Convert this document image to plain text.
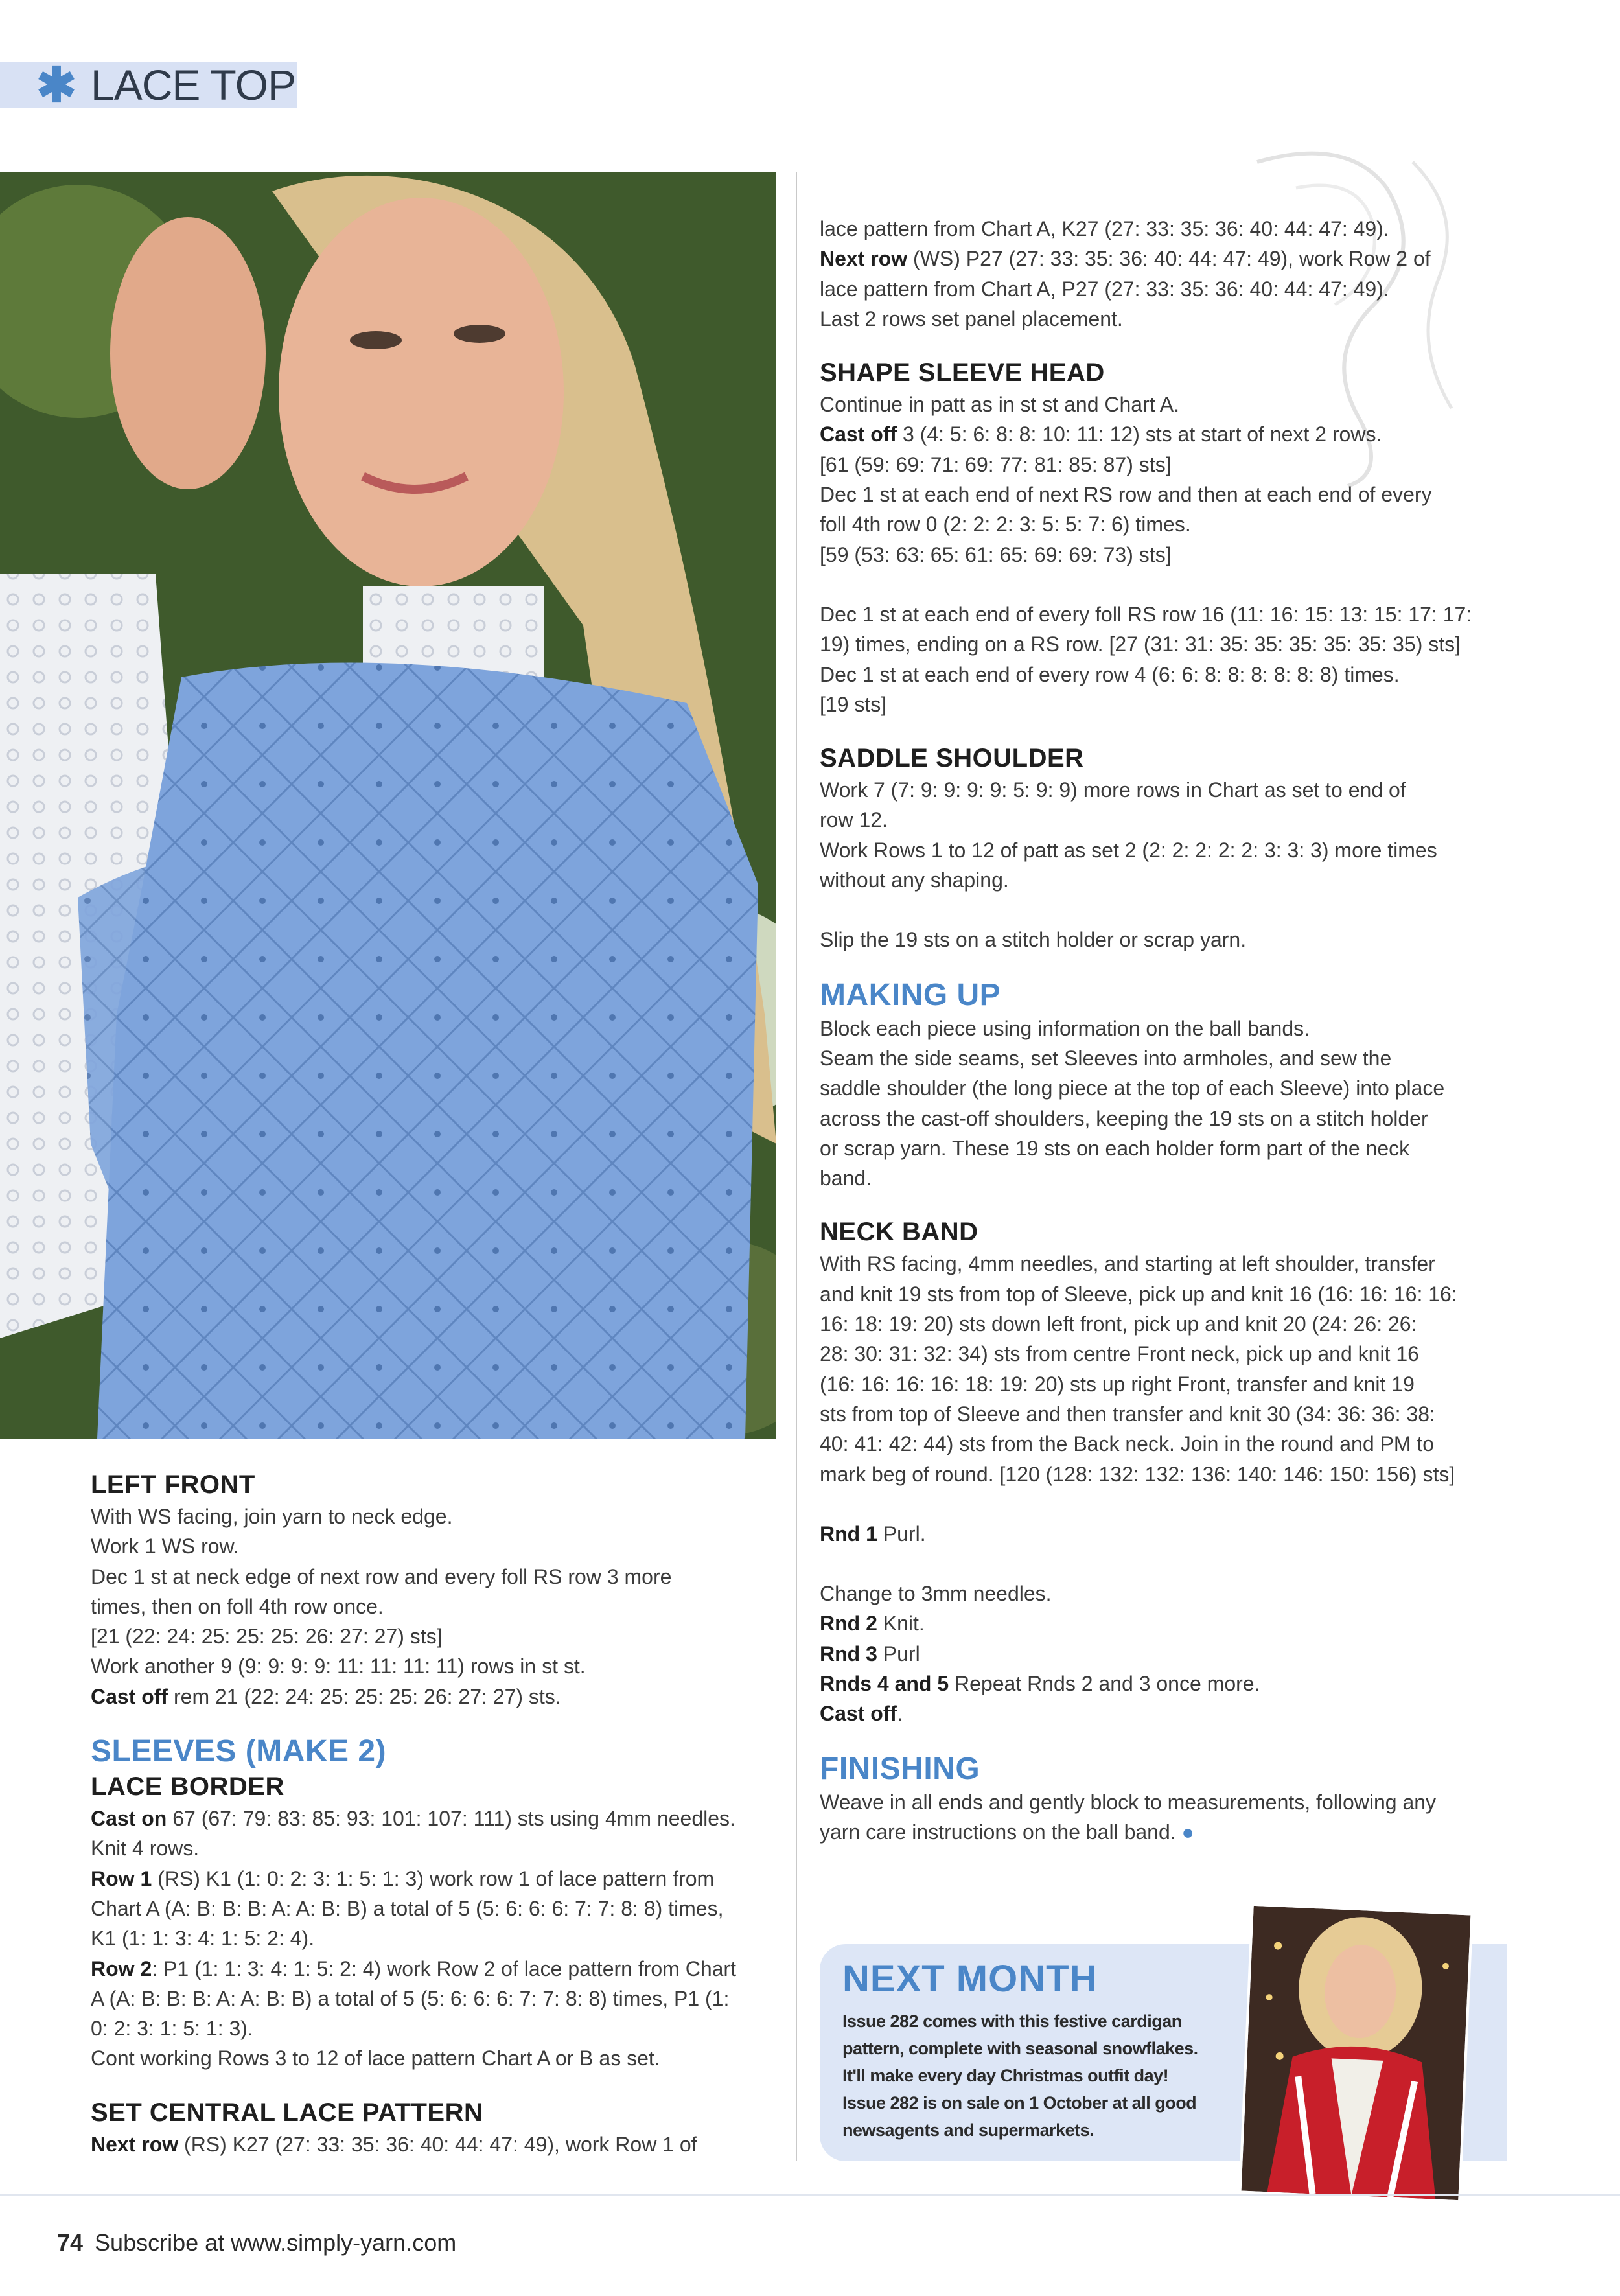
✱ LACE TOP

LEFT FRONT

With WS facing, join yarn to neck edge.

Work 1 WS row.

Dec 1 st at neck edge of next row and every foll RS row 3 more

times, then on foll 4th row once.

[21 (22: 24: 25: 25: 25: 26: 27: 27) sts]

Work another 9 (9: 9: 9: 9: 11: 11: 11: 11) rows in st st.

Cast off rem 21 (22: 24: 25: 25: 25: 26: 27: 27) sts.

SLEEVES (MAKE 2)

LACE BORDER

Cast on 67 (67: 79: 83: 85: 93: 101: 107: 111) sts using 4mm needles.

Knit 4 rows.

Row 1 (RS) K1 (1: 0: 2: 3: 1: 5: 1: 3) work row 1 of lace pattern from

Chart A (A: B: B: B: A: A: B: B) a total of 5 (5: 6: 6: 6: 7: 7: 8: 8) times,

K1 (1: 1: 3: 4: 1: 5: 2: 4).

Row 2: P1 (1: 1: 3: 4: 1: 5: 2: 4) work Row 2 of lace pattern from Chart

A (A: B: B: B: A: A: B: B) a total of 5 (5: 6: 6: 6: 7: 7: 8: 8) times, P1 (1:

0: 2: 3: 1: 5: 1: 3).

Cont working Rows 3 to 12 of lace pattern Chart A or B as set.

SET CENTRAL LACE PATTERN

Next row (RS) K27 (27: 33: 35: 36: 40: 44: 47: 49), work Row 1 of

lace pattern from Chart A, K27 (27: 33: 35: 36: 40: 44: 47: 49).

Next row (WS) P27 (27: 33: 35: 36: 40: 44: 47: 49), work Row 2 of

lace pattern from Chart A, P27 (27: 33: 35: 36: 40: 44: 47: 49).

Last 2 rows set panel placement.

SHAPE SLEEVE HEAD

Continue in patt as in st st and Chart A.

Cast off 3 (4: 5: 6: 8: 8: 10: 11: 12) sts at start of next 2 rows.

[61 (59: 69: 71: 69: 77: 81: 85: 87) sts]

Dec 1 st at each end of next RS row and then at each end of every

foll 4th row 0 (2: 2: 2: 3: 5: 5: 7: 6) times.

[59 (53: 63: 65: 61: 65: 69: 69: 73) sts]

Dec 1 st at each end of every foll RS row 16 (11: 16: 15: 13: 15: 17: 17:

19) times, ending on a RS row. [27 (31: 31: 35: 35: 35: 35: 35: 35) sts]

Dec 1 st at each end of every row 4 (6: 6: 8: 8: 8: 8: 8: 8) times.

[19 sts]

SADDLE SHOULDER

Work 7 (7: 9: 9: 9: 9: 5: 9: 9) more rows in Chart as set to end of

row 12.

Work Rows 1 to 12 of patt as set 2 (2: 2: 2: 2: 2: 3: 3: 3) more times

without any shaping.

Slip the 19 sts on a stitch holder or scrap yarn.

MAKING UP

Block each piece using information on the ball bands.

Seam the side seams, set Sleeves into armholes, and sew the

saddle shoulder (the long piece at the top of each Sleeve) into place

across the cast-off shoulders, keeping the 19 sts on a stitch holder

or scrap yarn. These 19 sts on each holder form part of the neck

band.

NECK BAND

With RS facing, 4mm needles, and starting at left shoulder, transfer

and knit 19 sts from top of Sleeve, pick up and knit 16 (16: 16: 16: 16:

16: 18: 19: 20) sts down left front, pick up and knit 20 (24: 26: 26:

28: 30: 31: 32: 34) sts from centre Front neck, pick up and knit 16

(16: 16: 16: 16: 18: 19: 20) sts up right Front, transfer and knit 19

sts from top of Sleeve and then transfer and knit 30 (34: 36: 36: 38:

40: 41: 42: 44) sts from the Back neck. Join in the round and PM to

mark beg of round. [120 (128: 132: 132: 136: 140: 146: 150: 156) sts]

Rnd 1 Purl.

Change to 3mm needles.

Rnd 2 Knit.

Rnd 3 Purl

Rnds 4 and 5 Repeat Rnds 2 and 3 once more.

Cast off.

FINISHING

Weave in all ends and gently block to measurements, following any

yarn care instructions on the ball band. ●

NEXT MONTH
Issue 282 comes with this festive cardigan
pattern, complete with seasonal snowflakes.
It'll make every day Christmas outfit day!
Issue 282 is on sale on 1 October at all good
newsagents and supermarkets.
74 Subscribe at www.simply-yarn.com
